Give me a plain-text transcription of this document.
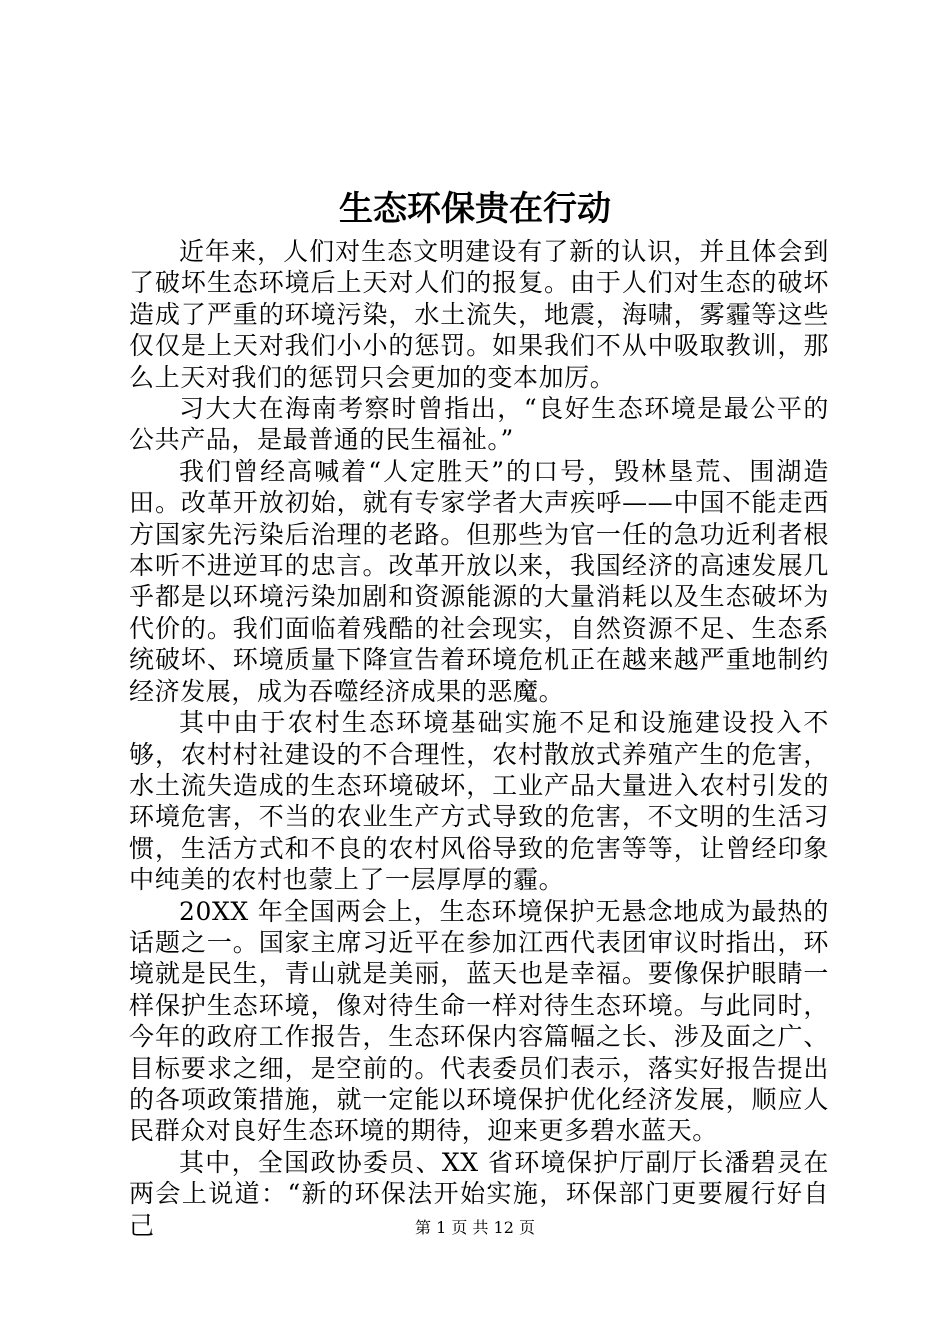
生态环保贵在行动

近年来，人们对生态文明建设有了新的认识，并且体会到了破坏生态环境后上天对人们的报复。由于人们对生态的破坏造成了严重的环境污染，水土流失，地震，海啸，雾霾等这些仅仅是上天对我们小小的惩罚。如果我们不从中吸取教训，那么上天对我们的惩罚只会更加的变本加厉。

习大大在海南考察时曾指出，“良好生态环境是最公平的公共产品，是最普通的民生福祉。”

我们曾经高喊着“人定胜天”的口号，毁林垦荒、围湖造田。改革开放初始，就有专家学者大声疾呼——中国不能走西方国家先污染后治理的老路。但那些为官一任的急功近利者根本听不进逆耳的忠言。改革开放以来，我国经济的高速发展几乎都是以环境污染加剧和资源能源的大量消耗以及生态破坏为代价的。我们面临着残酷的社会现实，自然资源不足、生态系统破坏、环境质量下降宣告着环境危机正在越来越严重地制约经济发展，成为吞噬经济成果的恶魔。

其中由于农村生态环境基础实施不足和设施建设投入不够，农村村社建设的不合理性，农村散放式养殖产生的危害，水土流失造成的生态环境破坏，工业产品大量进入农村引发的环境危害，不当的农业生产方式导致的危害，不文明的生活习惯，生活方式和不良的农村风俗导致的危害等等，让曾经印象中纯美的农村也蒙上了一层厚厚的霾。

20XX 年全国两会上，生态环境保护无悬念地成为最热的话题之一。国家主席习近平在参加江西代表团审议时指出，环境就是民生，青山就是美丽，蓝天也是幸福。要像保护眼睛一样保护生态环境，像对待生命一样对待生态环境。与此同时，今年的政府工作报告，生态环保内容篇幅之长、涉及面之广、目标要求之细，是空前的。代表委员们表示，落实好报告提出的各项政策措施，就一定能以环境保护优化经济发展，顺应人民群众对良好生态环境的期待，迎来更多碧水蓝天。

其中，全国政协委员、XX 省环境保护厅副厅长潘碧灵在两会上说道：“新的环保法开始实施，环保部门更要履行好自己	第 1 页 共 12 页
